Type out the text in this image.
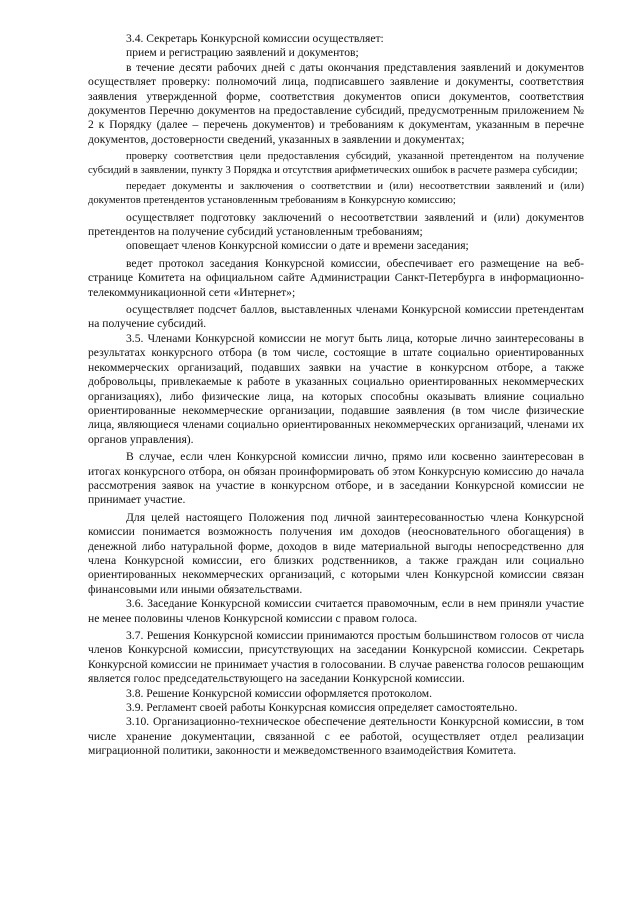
3.4. Секретарь Конкурсной комиссии осуществляет:

прием и регистрацию заявлений и документов;

в течение десяти рабочих дней с даты окончания представления заявлений и документов осуществляет проверку: полномочий лица, подписавшего заявление и документы, соответствия заявления утвержденной форме, соответствия документов описи документов, соответствия документов Перечню документов на предоставление субсидий, предусмотренным приложением № 2 к Порядку (далее – перечень документов) и требованиям к документам, указанным в перечне документов, достоверности сведений, указанных в заявлении и документах;

проверку соответствия цели предоставления субсидий, указанной претендентом на получение субсидий в заявлении, пункту 3 Порядка и отсутствия арифметических ошибок в расчете размера субсидии;

передает документы и заключения о соответствии и (или) несоответствии заявлений и (или) документов претендентов установленным требованиям в Конкурсную комиссию;

осуществляет подготовку заключений о несоответствии заявлений и (или) документов претендентов на получение субсидий установленным требованиям;

оповещает членов Конкурсной комиссии о дате и времени заседания;

ведет протокол заседания Конкурсной комиссии, обеспечивает его размещение на веб-странице Комитета на официальном сайте Администрации Санкт-Петербурга в информационно-телекоммуникационной сети «Интернет»;

осуществляет подсчет баллов, выставленных членами Конкурсной комиссии претендентам на получение субсидий.

3.5. Членами Конкурсной комиссии не могут быть лица, которые лично заинтересованы в результатах конкурсного отбора (в том числе, состоящие в штате социально ориентированных некоммерческих организаций, подавших заявки на участие в конкурсном отборе, а также добровольцы, привлекаемые к работе в указанных социально ориентированных некоммерческих организациях), либо физические лица, на которых способны оказывать влияние социально ориентированные некоммерческие организации, подавшие заявления (в том числе физические лица, являющиеся членами социально ориентированных некоммерческих организаций, членами их органов управления).

В случае, если член Конкурсной комиссии лично, прямо или косвенно заинтересован в итогах конкурсного отбора, он обязан проинформировать об этом Конкурсную комиссию до начала рассмотрения заявок на участие в конкурсном отборе, и в заседании Конкурсной комиссии не принимает участие.

Для целей настоящего Положения под личной заинтересованностью члена Конкурсной комиссии понимается возможность получения им доходов (неосновательного обогащения) в денежной либо натуральной форме, доходов в виде материальной выгоды непосредственно для члена Конкурсной комиссии, его близких родственников, а также граждан или социально ориентированных некоммерческих организаций, с которыми член Конкурсной комиссии связан финансовыми или иными обязательствами.

3.6. Заседание Конкурсной комиссии считается правомочным, если в нем приняли участие не менее половины членов Конкурсной комиссии с правом голоса.

3.7. Решения Конкурсной комиссии принимаются простым большинством голосов от числа членов Конкурсной комиссии, присутствующих на заседании Конкурсной комиссии. Секретарь Конкурсной комиссии не принимает участия в голосовании. В случае равенства голосов решающим является голос председательствующего на заседании Конкурсной комиссии.

3.8. Решение Конкурсной комиссии оформляется протоколом.

3.9. Регламент своей работы Конкурсная комиссия определяет самостоятельно.

3.10. Организационно-техническое обеспечение деятельности Конкурсной комиссии, в том числе хранение документации, связанной с ее работой, осуществляет отдел реализации миграционной политики, законности и межведомственного взаимодействия Комитета.
